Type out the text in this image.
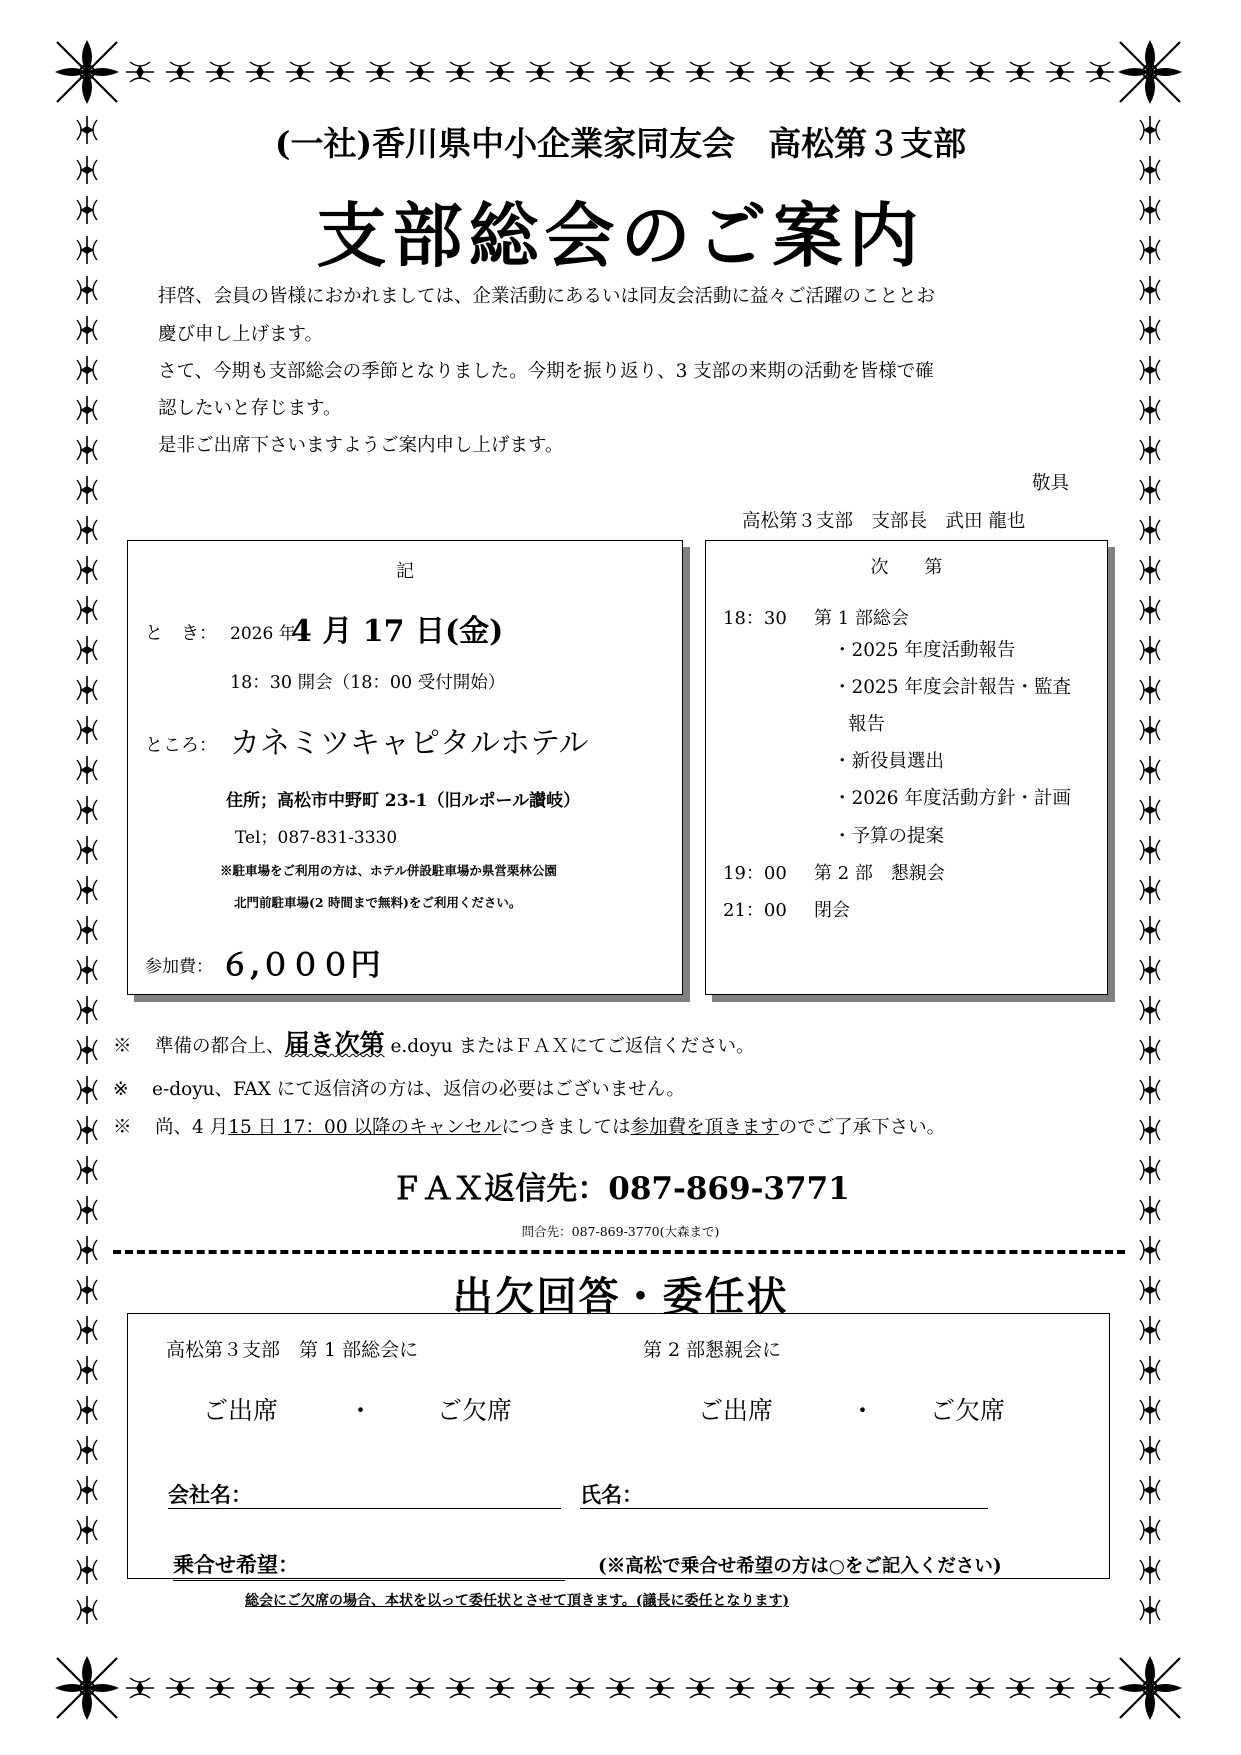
(一社)香川県中小企業家同友会　高松第３支部
支部総会のご案内
拝啓、会員の皆様におかれましては、企業活動にあるいは同友会活動に益々ご活躍のこととお
慶び申し上げます。
さて、今期も支部総会の季節となりました。今期を振り返り、3 支部の来期の活動を皆様で確
認したいと存じます。
是非ご出席下さいますようご案内申し上げます。
敬具
高松第３支部　支部長　武田 龍也
記
と　き： 2026 年
4 月 17 日(金)
18：30 開会（18：00 受付開始）
ところ： カネミツキャピタルホテル
住所；高松市中野町 23-1（旧ルポール讃岐）
Tel；087-831-3330
※駐車場をご利用の方は、ホテル併設駐車場か県営栗林公園
北門前駐車場(2 時間まで無料)をご利用ください。
参加費： ６,０００円
次　　第
18：30 第 1 部総会
・2025 年度活動報告
・2025 年度会計報告・監査
報告
・新役員選出
・2026 年度活動方針・計画
・予算の提案
19：00 第 2 部　懇親会
21：00 閉会
※ 準備の都合上、届き次第 e.doyu またはＦＡＸにてご返信ください。
※ e-doyu、FAX にて返信済の方は、返信の必要はございません。
※ 尚、4 月15 日 17：00 以降のキャンセルにつきましては参加費を頂きますのでご了承下さい。
ＦＡＸ返信先：087-869-3771
問合先：087-869-3770(大森まで)
出欠回答・委任状
高松第３支部　第 1 部総会に	第 2 部懇親会に
ご出席	・	ご欠席	ご出席	・ ご欠席
会社名：	氏名：
乗合せ希望：	(※高松で乗合せ希望の方は○をご記入ください)
総会にご欠席の場合、本状を以って委任状とさせて頂きます。(議長に委任となります)
